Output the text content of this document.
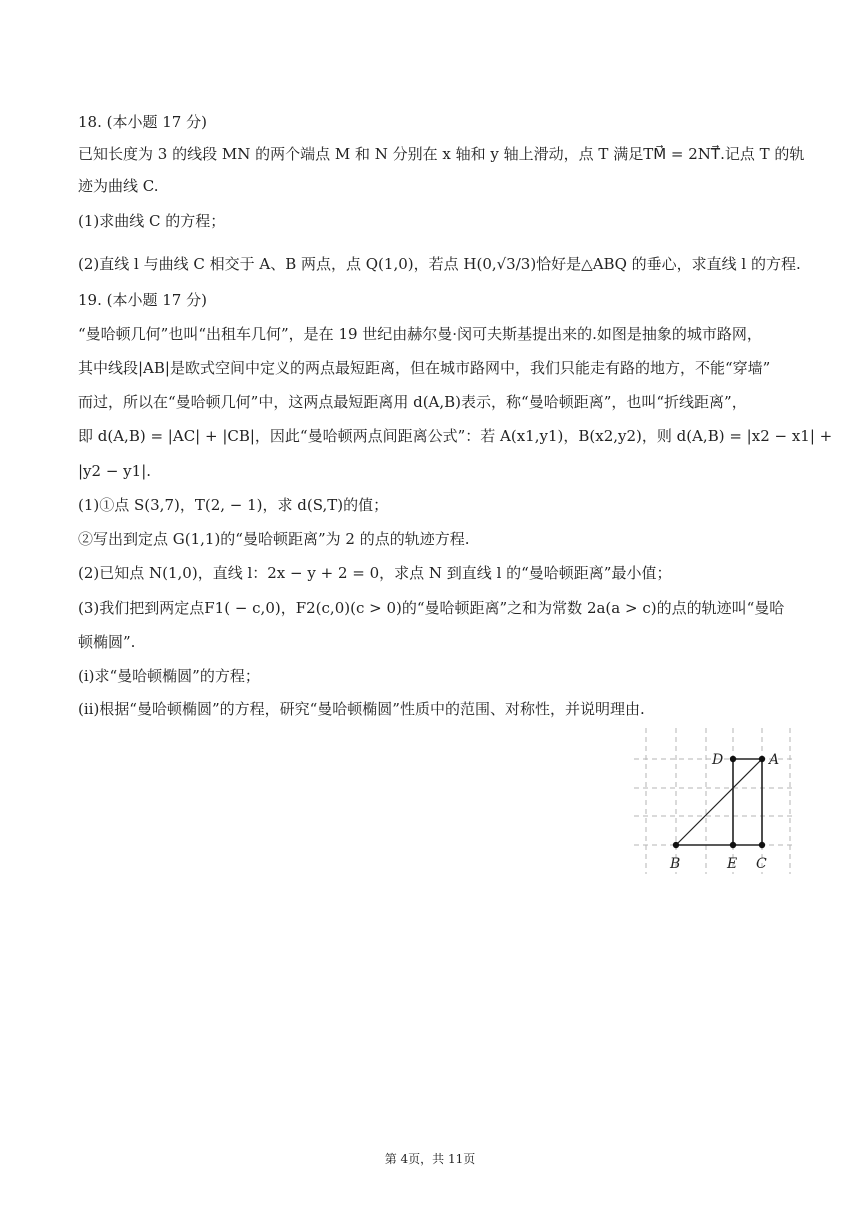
18. (本小题 17 分)
已知长度为 3 的线段 MN 的两个端点 M 和 N 分别在 x 轴和 y 轴上滑动，点 T 满足TM⃗ = 2NT⃗.记点 T 的轨
迹为曲线 C.
(1)求曲线 C 的方程；
(2)直线 l 与曲线 C 相交于 A、B 两点，点 Q(1,0)，若点 H(0,√3/3)恰好是△ABQ 的垂心，求直线 l 的方程.
19. (本小题 17 分)
“曼哈顿几何”也叫“出租车几何”，是在 19 世纪由赫尔曼·闵可夫斯基提出来的.如图是抽象的城市路网，
其中线段|AB|是欧式空间中定义的两点最短距离，但在城市路网中，我们只能走有路的地方，不能“穿墙”
而过，所以在“曼哈顿几何”中，这两点最短距离用 d(A,B)表示，称“曼哈顿距离”，也叫“折线距离”，
即 d(A,B) = |AC| + |CB|，因此“曼哈顿两点间距离公式”：若 A(x1,y1)，B(x2,y2)，则 d(A,B) = |x2 − x1| +
|y2 − y1|.
(1)①点 S(3,7)，T(2, − 1)，求 d(S,T)的值；
②写出到定点 G(1,1)的“曼哈顿距离”为 2 的点的轨迹方程.
(2)已知点 N(1,0)，直线 l：2x − y + 2 = 0，求点 N 到直线 l 的“曼哈顿距离”最小值；
(3)我们把到两定点F1( − c,0)，F2(c,0)(c > 0)的“曼哈顿距离”之和为常数 2a(a > c)的点的轨迹叫“曼哈
顿椭圆”.
(ⅰ)求“曼哈顿椭圆”的方程；
(ⅱ)根据“曼哈顿椭圆”的方程，研究“曼哈顿椭圆”性质中的范围、对称性，并说明理由.
D	A
B	E C
第 4页，共 11页
